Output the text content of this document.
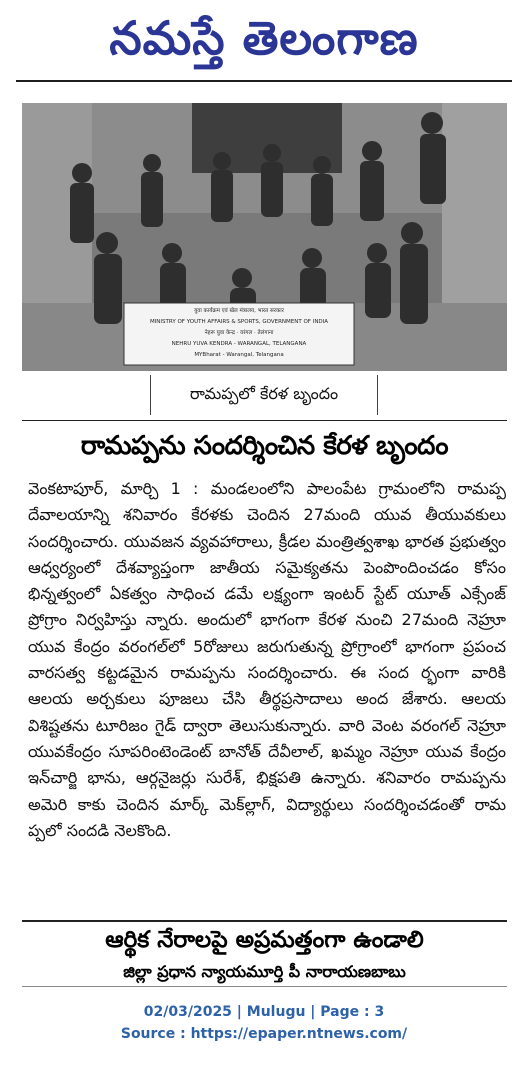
నమస్తే తెలంగాణ
युवा कार्यक्रम एवं खेल मंत्रालय, भारत सरकार
MINISTRY OF YOUTH AFFAIRS & SPORTS, GOVERNMENT OF INDIA
नेहरू युवा केन्द्र · वरंगल · तेलंगाना
NEHRU YUVA KENDRA - WARANGAL, TELANGANA
MYBharat - Warangal, Telangana
రామప్పలో కేరళ బృందం
రామప్పను సందర్శించిన కేరళ బృందం
వెంకటాపూర్, మార్చి 1 : మండలంలోని పాలంపేట గ్రామంలోని రామప్ప దేవాలయాన్ని శనివారం కేరళకు చెందిన 27మంది యువ తీయువకులు సందర్శించారు. యువజన వ్యవహారాలు, క్రీడల మంత్రిత్వశాఖ భారత ప్రభుత్వం ఆధ్వర్యంలో దేశవ్యాప్తంగా జాతీయ సమైక్యతను పెంపొందించడం కోసం భిన్నత్వంలో ఏకత్వం సాధించ డమే లక్ష్యంగా ఇంటర్ స్టేట్ యూత్ ఎక్సేంజ్ ప్రోగ్రాం నిర్వహిస్తు న్నారు. అందులో భాగంగా కేరళ నుంచి 27మంది నెహ్రూ యువ కేంద్రం వరంగల్‌లో 5రోజులు జరుగుతున్న ప్రోగ్రాంలో భాగంగా ప్రపంచ వారసత్వ కట్టడమైన రామప్పను సందర్శించారు. ఈ సంద ర్భంగా వారికి ఆలయ అర్చకులు పూజలు చేసి తీర్థప్రసాదాలు అంద జేశారు. ఆలయ విశిష్టతను టూరిజం గైడ్ ద్వారా తెలుసుకున్నారు. వారి వెంట వరంగల్ నెహ్రూ యువకేంద్రం సూపరింటెండెంట్ బానోత్ దేవీలాల్, ఖమ్మం నెహ్రూ యువ కేంద్రం ఇన్‌చార్జి భాను, ఆర్గనైజర్లు సురేశ్, భిక్షపతి ఉన్నారు. శనివారం రామప్పను అమెరి కాకు చెందిన మార్క్ మెక్‌ల్లాగ్, విద్యార్థులు సందర్శించడంతో రామ ప్పలో సందడి నెలకొంది.
ఆర్థిక నేరాలపై అప్రమత్తంగా ఉండాలి
జిల్లా ప్రధాన న్యాయమూర్తి పీ నారాయణబాబు
02/03/2025 | Mulugu | Page : 3
Source : https://epaper.ntnews.com/
